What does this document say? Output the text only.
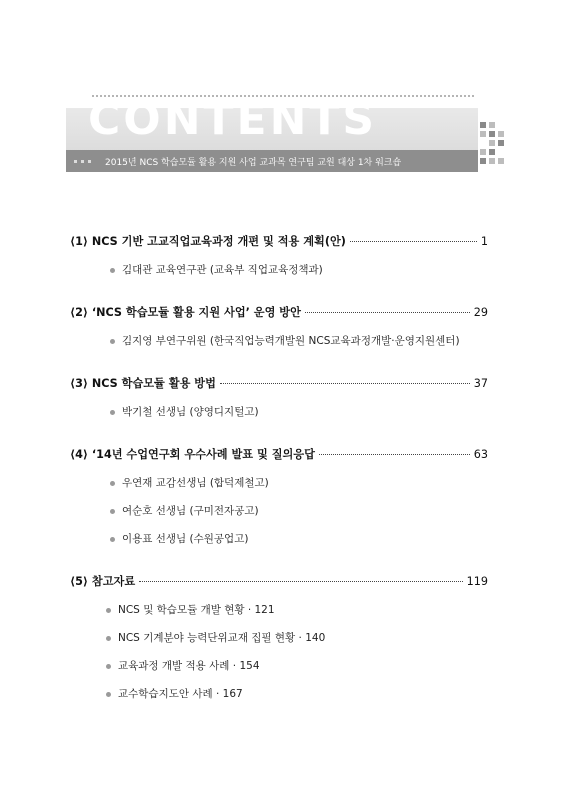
CONTENTS
2015년 NCS 학습모듈 활용 지원 사업 교과목 연구팀 교원 대상 1차 워크숍
⟨1⟩ NCS 기반 고교직업교육과정 개편 및 적용 계획(안)	1
김대관 교육연구관 (교육부 직업교육정책과)
⟨2⟩ ‘NCS 학습모듈 활용 지원 사업’ 운영 방안	29
김지영 부연구위원 (한국직업능력개발원 NCS교육과정개발·운영지원센터)
⟨3⟩ NCS 학습모듈 활용 방법	37
박기철 선생님 (양영디지털고)
⟨4⟩ ‘14년 수업연구회 우수사례 발표 및 질의응답	63
우연재 교감선생님 (합덕제철고)
여순호 선생님 (구미전자공고)
이용표 선생님 (수원공업고)
⟨5⟩ 참고자료	119
NCS 및 학습모듈 개발 현황 · 121
NCS 기계분야 능력단위교재 집필 현황 · 140
교육과정 개발 적용 사례 · 154
교수학습지도안 사례 · 167
